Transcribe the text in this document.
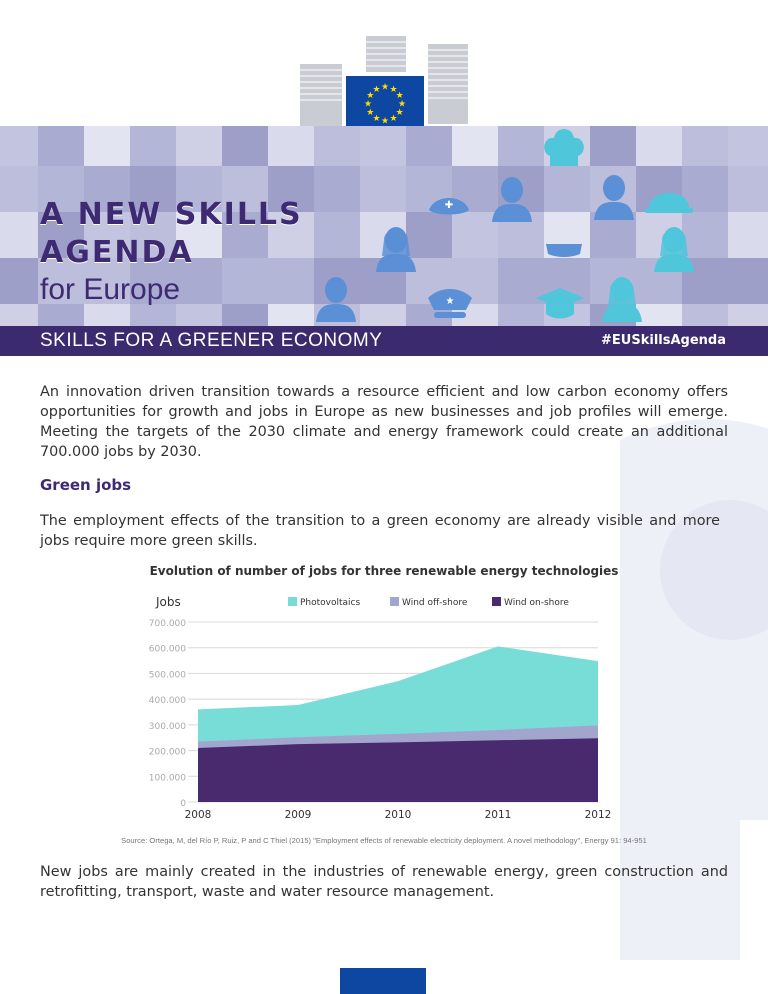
★ ★
★
★
★
★
★
★
★
★
★
★
✚
★
A NEW SKILLS
AGENDA
for Europe
SKILLS FOR A GREENER ECONOMY	#EUSkillsAgenda

An innovation driven transition towards a resource efficient and low carbon economy offers opportunities for growth and jobs in Europe as new businesses and job profiles will emerge. Meeting the targets of the 2030 climate and energy framework could create an additional 700.000 jobs by 2030.

Green jobs

The employment effects of the transition to a green economy are already visible and more jobs require more green skills.

Evolution of number of jobs for three renewable energy technologies
Jobs
0
100.000
200.000
300.000
400.000
500.000
600.000
700.000
2008	2009	2010	2011	2012
Photovoltaics	Wind off-shore	Wind on-shore
Source: Ortega, M, del Río P, Ruiz, P and C Thiel (2015) "Employment effects of renewable electricity deployment. A novel methodology", Energy 91: 94-951

New jobs are mainly created in the industries of renewable energy, green construction and retrofitting, transport, waste and water resource management.
